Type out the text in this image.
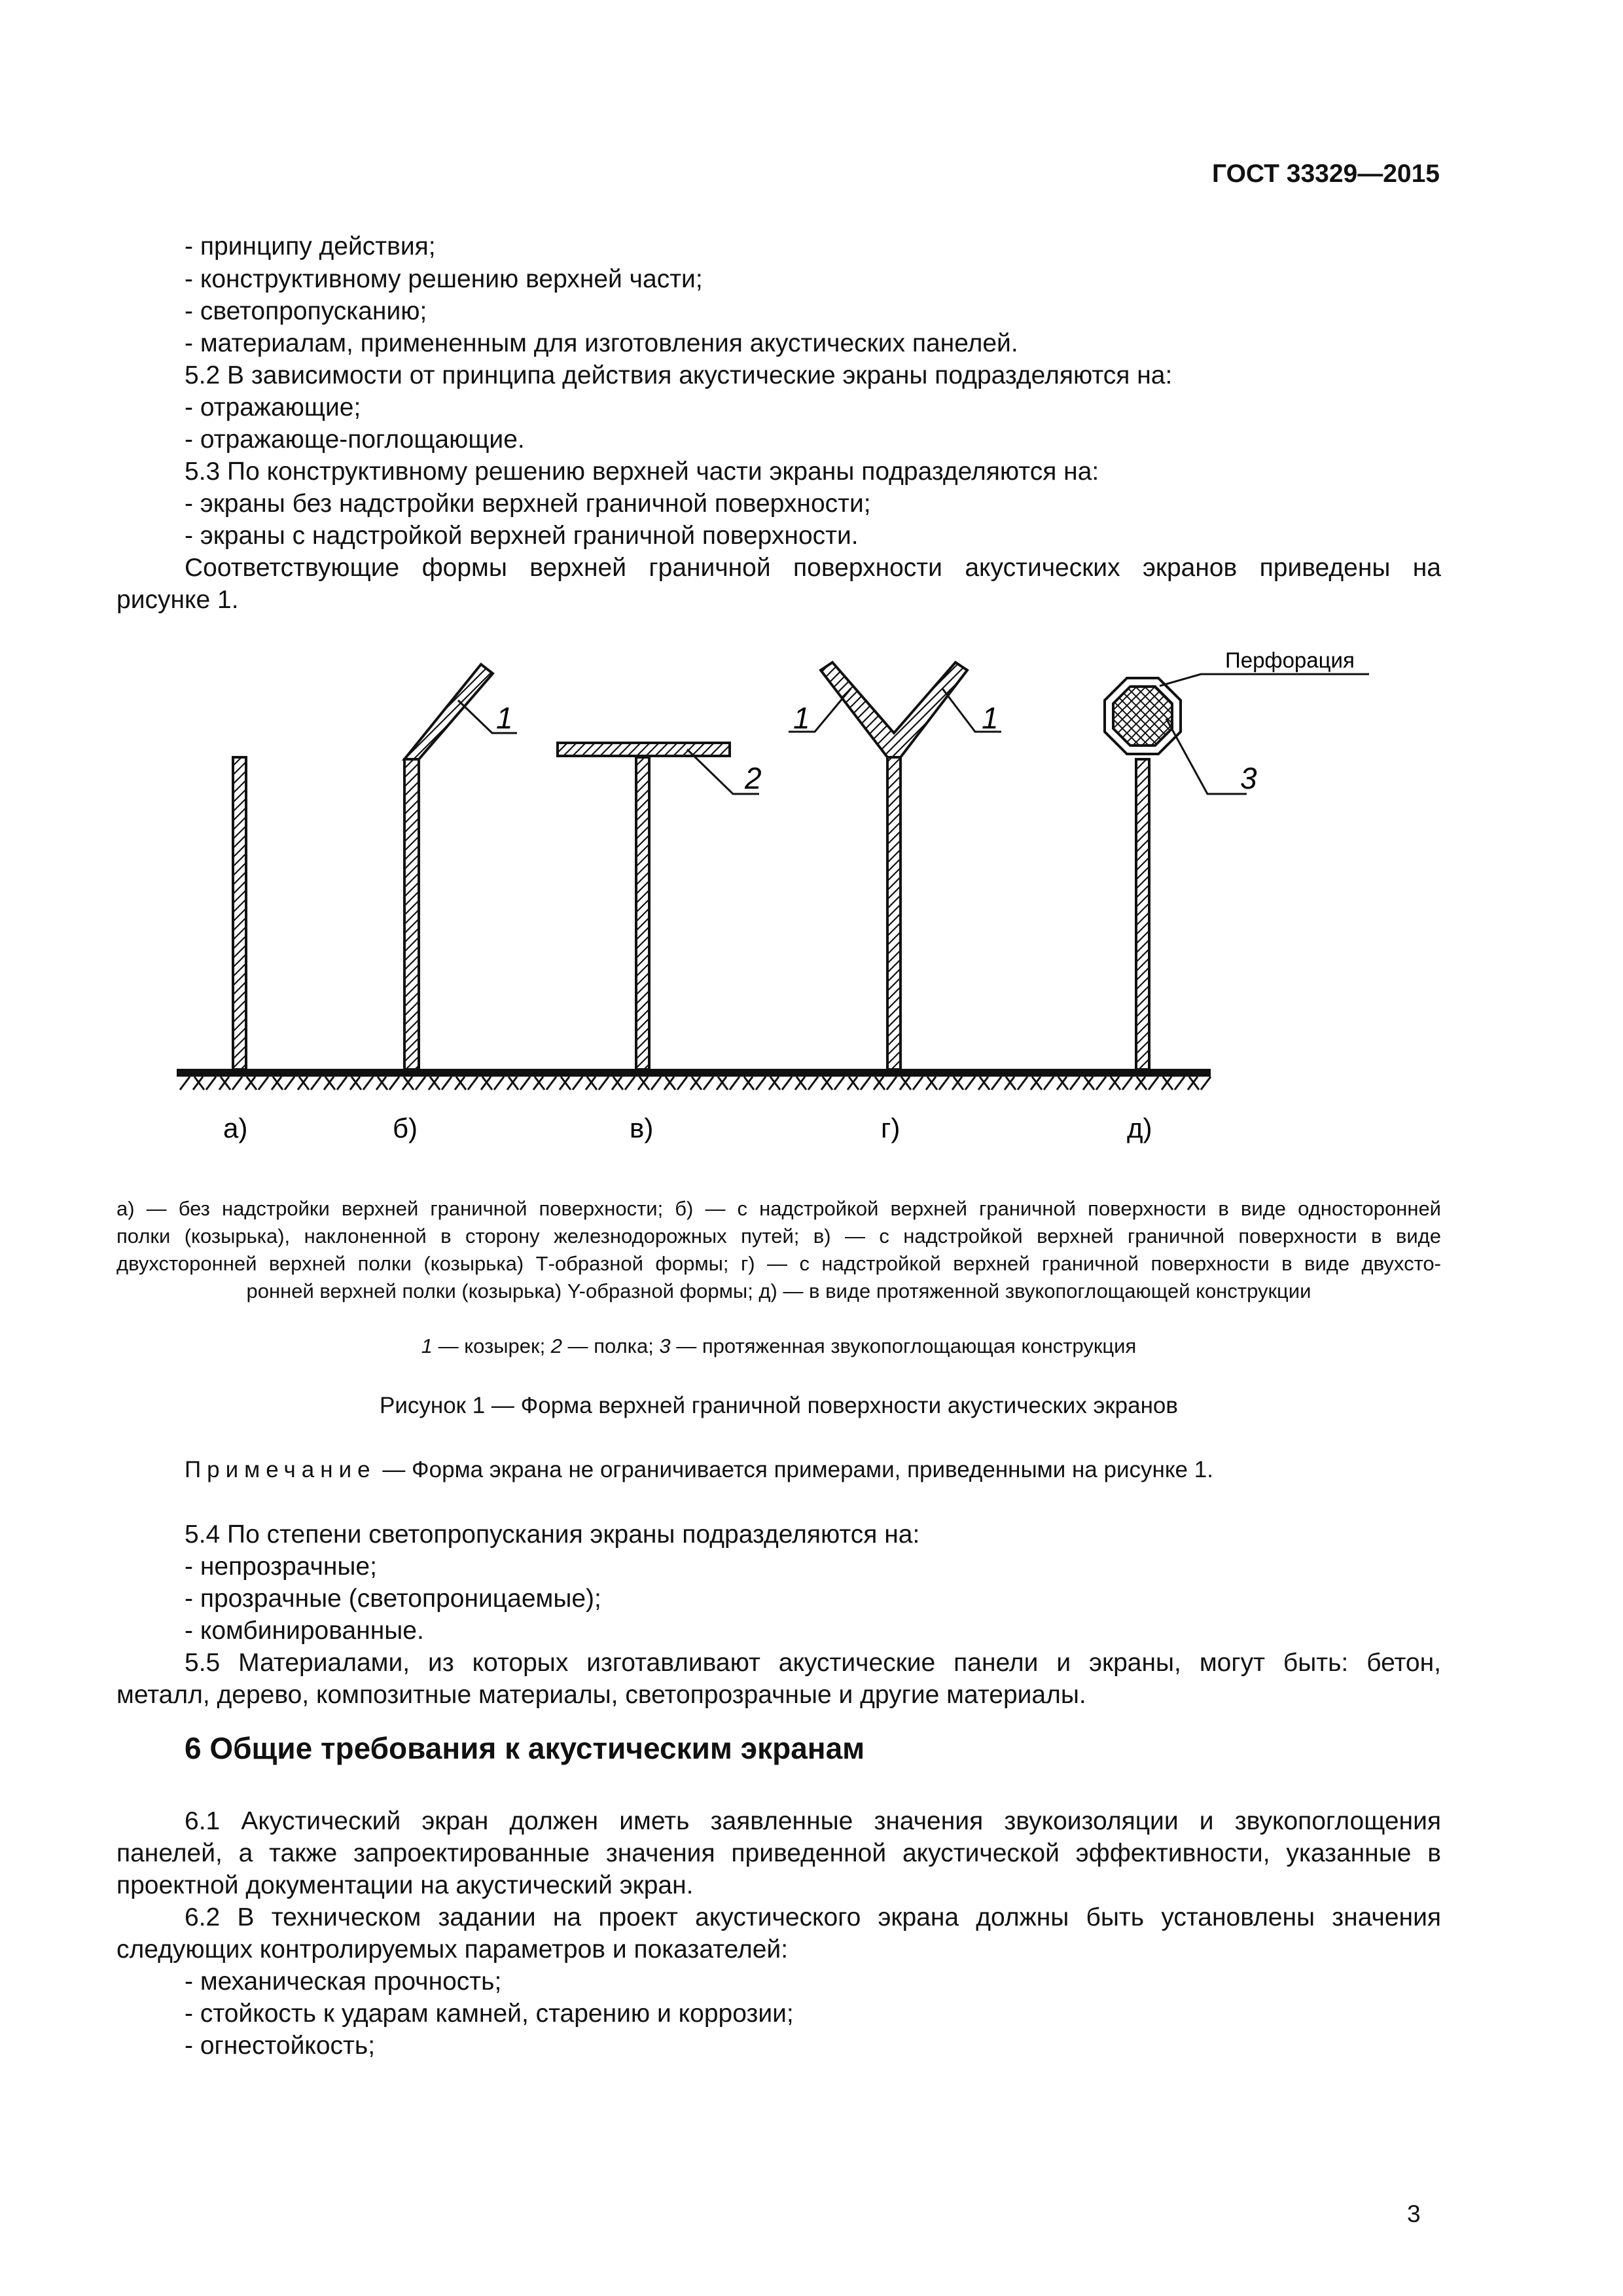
ГОСТ 33329—2015

- принципу действия;

- конструктивному решению верхней части;

- светопропусканию;

- материалам, примененным для изготовления акустических панелей.

5.2 В зависимости от принципа действия акустические экраны подразделяются на:

- отражающие;

- отражающе-поглощающие.

5.3 По конструктивному решению верхней части экраны подразделяются на:

- экраны без надстройки верхней граничной поверхности;

- экраны с надстройкой верхней граничной поверхности.

Соответствующие формы верхней граничной поверхности акустических экранов приведены на

рисунке 1.

1
2
1	1
3
Перфорация
а)	б)	в)	г)	д)

а) — без надстройки верхней граничной поверхности; б) — с надстройкой верхней граничной поверхности в виде односторонней

полки (козырька), наклоненной в сторону железнодорожных путей; в) — с надстройкой верхней граничной поверхности в виде

двухсторонней верхней полки (козырька) Т-образной формы; г) — с надстройкой верхней граничной поверхности в виде двухсто-

ронней верхней полки (козырька) Y-образной формы; д) — в виде протяженной звукопоглощающей конструкции

1 — козырек; 2 — полка; 3 — протяженная звукопоглощающая конструкция

Рисунок 1 — Форма верхней граничной поверхности акустических экранов
Примечание — Форма экрана не ограничивается примерами, приведенными на рисунке 1.

5.4 По степени светопропускания экраны подразделяются на:

- непрозрачные;

- прозрачные (светопроницаемые);

- комбинированные.

5.5 Материалами, из которых изготавливают акустические панели и экраны, могут быть: бетон,

металл, дерево, композитные материалы, светопрозрачные и другие материалы.

6 Общие требования к акустическим экранам

6.1 Акустический экран должен иметь заявленные значения звукоизоляции и звукопоглощения

панелей, а также запроектированные значения приведенной акустической эффективности, указанные в

проектной документации на акустический экран.

6.2 В техническом задании на проект акустического экрана должны быть установлены значения

следующих контролируемых параметров и показателей:

- механическая прочность;

- стойкость к ударам камней, старению и коррозии;

- огнестойкость;

3
